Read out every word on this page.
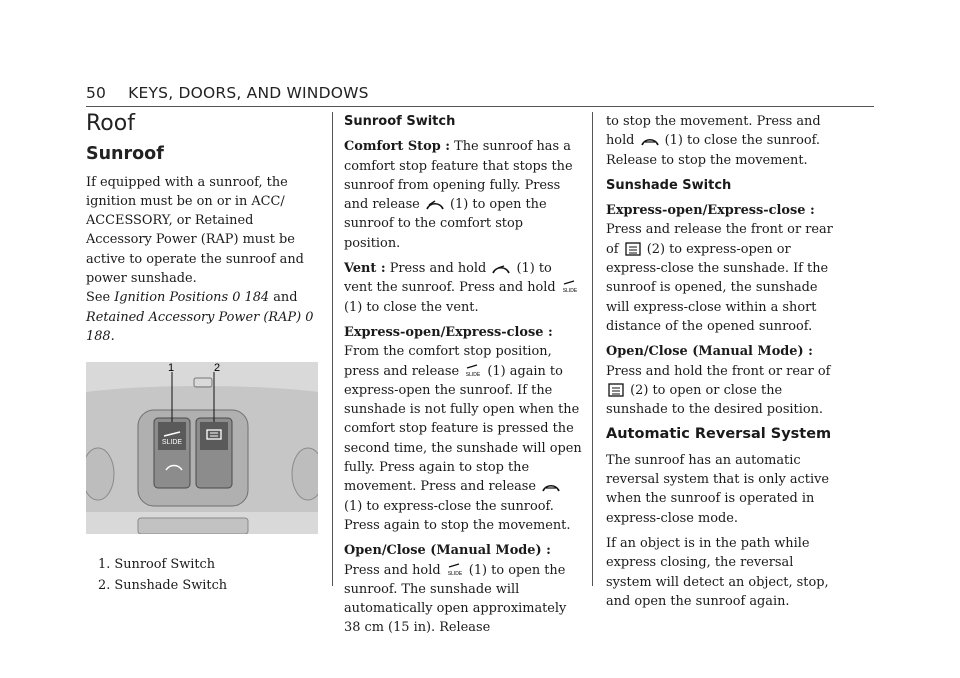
50 KEYS, DOORS, AND WINDOWS
Roof
Sunroof

If equipped with a sunroof, the ignition must be on or in ACC/ ACCESSORY, or Retained Accessory Power (RAP) must be active to operate the sunroof and power sunshade.
See Ignition Positions 0 184 and Retained Accessory Power (RAP) 0 188.

SLIDE
1	2
1. Sunroof Switch
2. Sunshade Switch
Sunroof Switch

Comfort Stop : The sunroof has a comfort stop feature that stops the sunroof from opening fully. Press and release (1) to open the sunroof to the comfort stop position.

Vent : Press and hold (1) to vent the sunroof. Press and hold SLIDE
(1) to close the vent.

Express-open/Express-close : From the comfort stop position, press and release SLIDE (1) again to express-open the sunroof. If the sunshade is not fully open when the comfort stop feature is pressed the second time, the sunshade will open fully. Press again to stop the movement. Press and release  (1) to express-close the sunroof. Press again to stop the movement.

Open/Close (Manual Mode) : Press and hold SLIDE (1) to open the sunroof. The sunshade will automatically open approximately 38 cm (15 in). Release

to stop the movement. Press and hold (1) to close the sunroof. Release to stop the movement.

Sunshade Switch

Express-open/Express-close : Press and release the front or rear of (2) to express-open or express-close the sunshade. If the sunroof is opened, the sunshade will express-close within a short distance of the opened sunroof.

Open/Close (Manual Mode) : Press and hold the front or rear of  (2) to open or close the sunshade to the desired position.

Automatic Reversal System

The sunroof has an automatic reversal system that is only active when the sunroof is operated in express-close mode.

If an object is in the path while express closing, the reversal system will detect an object, stop, and open the sunroof again.
